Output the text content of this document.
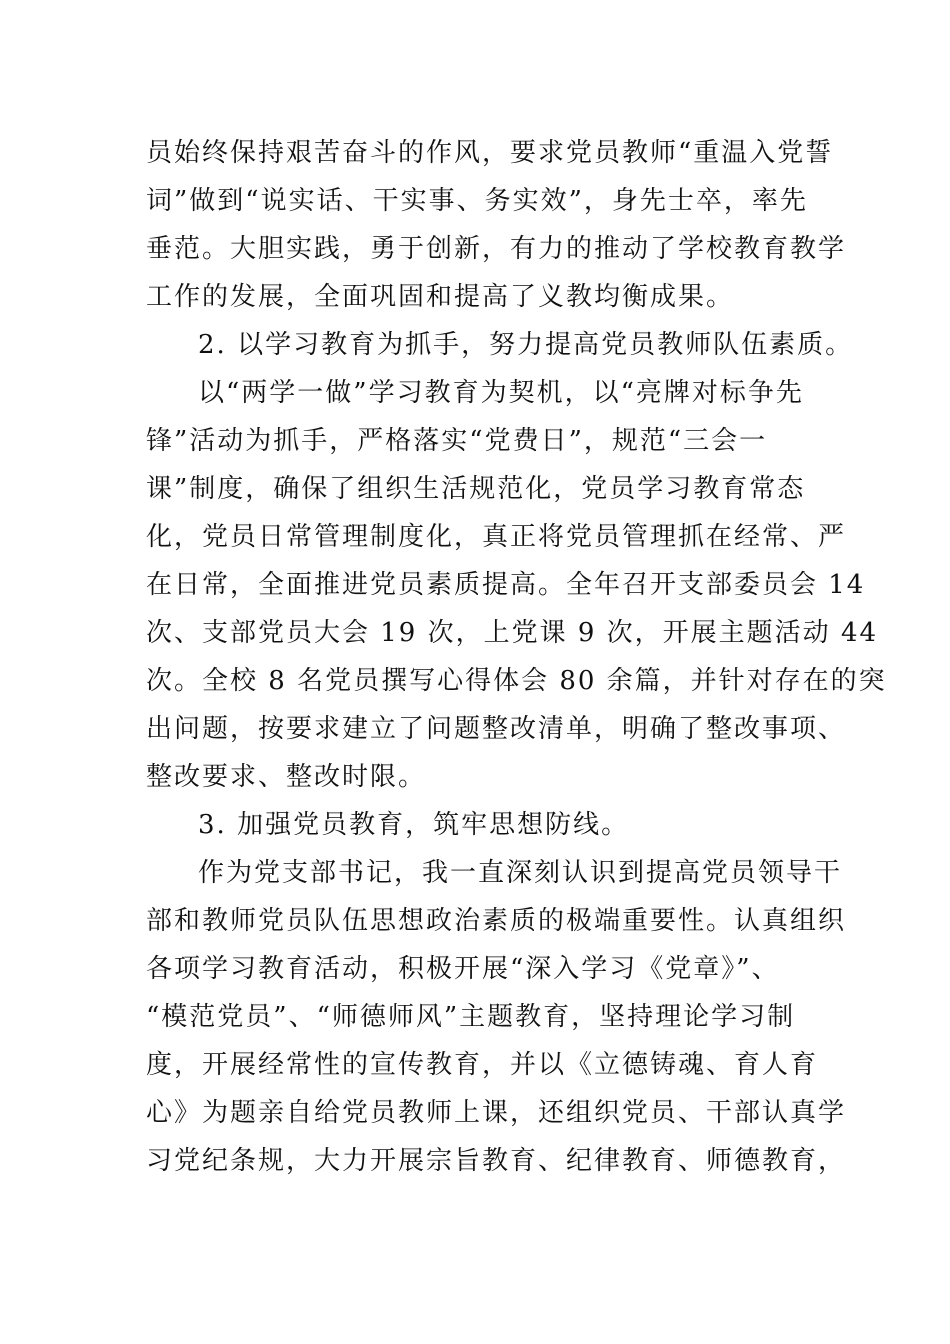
员始终保持艰苦奋斗的作风，要求党员教师“重温入党誓
词”做到“说实话、干实事、务实效”，身先士卒，率先
垂范。大胆实践，勇于创新，有力的推动了学校教育教学
工作的发展，全面巩固和提高了义教均衡成果。
2. 以学习教育为抓手，努力提高党员教师队伍素质。
以“两学一做”学习教育为契机，以“亮牌对标争先
锋”活动为抓手，严格落实“党费日”，规范“三会一
课”制度，确保了组织生活规范化，党员学习教育常态
化，党员日常管理制度化，真正将党员管理抓在经常、严
在日常，全面推进党员素质提高。全年召开支部委员会 14
次、支部党员大会 19 次，上党课 9 次，开展主题活动 44
次。全校 8 名党员撰写心得体会 80 余篇，并针对存在的突
出问题，按要求建立了问题整改清单，明确了整改事项、
整改要求、整改时限。
3. 加强党员教育，筑牢思想防线。
作为党支部书记，我一直深刻认识到提高党员领导干
部和教师党员队伍思想政治素质的极端重要性。认真组织
各项学习教育活动，积极开展“深入学习《党章》”、
“模范党员”、“师德师风”主题教育，坚持理论学习制
度，开展经常性的宣传教育，并以《立德铸魂、育人育
心》为题亲自给党员教师上课，还组织党员、干部认真学
习党纪条规，大力开展宗旨教育、纪律教育、师德教育，
